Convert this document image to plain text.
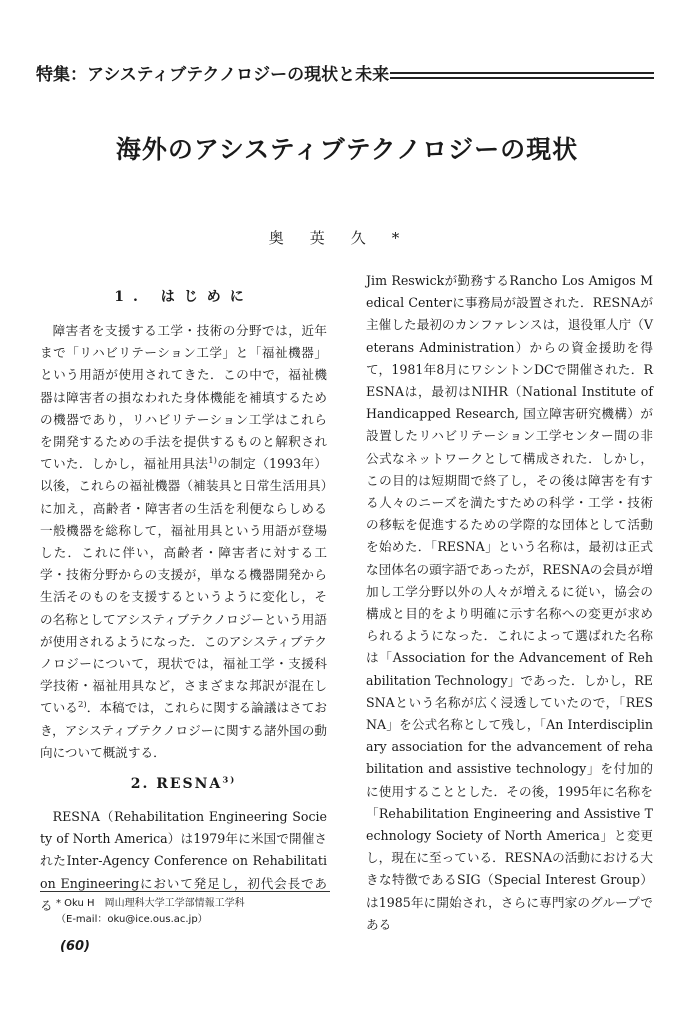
特集：アシスティブテクノロジーの現状と未来
海外のアシスティブテクノロジーの現状
奥英久*
1. はじめに

障害者を支援する工学・技術の分野では，近年まで「リハビリテーション工学」と「福祉機器」という用語が使用されてきた．この中で，福祉機器は障害者の損なわれた身体機能を補填するための機器であり，リハビリテーション工学はこれらを開発するための手法を提供するものと解釈されていた．しかし，福祉用具法$^{1)}$の制定（1993年）以後，これらの福祉機器（補装具と日常生活用具）に加え，高齢者・障害者の生活を利便ならしめる一般機器を総称して，福祉用具という用語が登場した．これに伴い，高齢者・障害者に対する工学・技術分野からの支援が，単なる機器開発から生活そのものを支援するというように変化し，その名称としてアシスティブテクノロジーという用語が使用されるようになった．このアシスティブテクノロジーについて，現状では，福祉工学・支援科学技術・福祉用具など，さまざまな邦訳が混在している$^{2)}$．本稿では，これらに関する論議はさておき，アシスティブテクノロジーに関する諸外国の動向について概説する．

2. RESNA$^{3)}$

RESNA（Rehabilitation Engineering Society of North America）は1979年に米国で開催されたInter-Agency Conference on Rehabilitation Engineeringにおいて発足し，初代会長である

Jim Reswickが勤務するRancho Los Amigos Medical Centerに事務局が設置された．RESNAが主催した最初のカンファレンスは，退役軍人庁（Veterans Administration）からの資金援助を得て，1981年8月にワシントンDCで開催された．RESNAは，最初はNIHR（National Institute of Handicapped Research, 国立障害研究機構）が設置したリハビリテーション工学センター間の非公式なネットワークとして構成された．しかし，この目的は短期間で終了し，その後は障害を有する人々のニーズを満たすための科学・工学・技術の移転を促進するための学際的な団体として活動を始めた．「RESNA」という名称は，最初は正式な団体名の頭字語であったが，RESNAの会員が増加し工学分野以外の人々が増えるに従い，協会の構成と目的をより明確に示す名称への変更が求められるようになった．これによって選ばれた名称は「Association for the Advancement of Rehabilitation Technology」であった．しかし，RESNAという名称が広く浸透していたので，「RESNA」を公式名称として残し，「An Interdisciplinary association for the advancement of rehabilitation and assistive technology」を付加的に使用することとした．その後，1995年に名称を「Rehabilitation Engineering and Assistive Technology Society of North America」と変更し，現在に至っている．RESNAの活動における大きな特徴であるSIG（Special Interest Group）は1985年に開始され，さらに専門家のグループである

* Oku H　岡山理科大学工学部情報工学科
（E-mail：oku@ice.ous.ac.jp）
(60)
